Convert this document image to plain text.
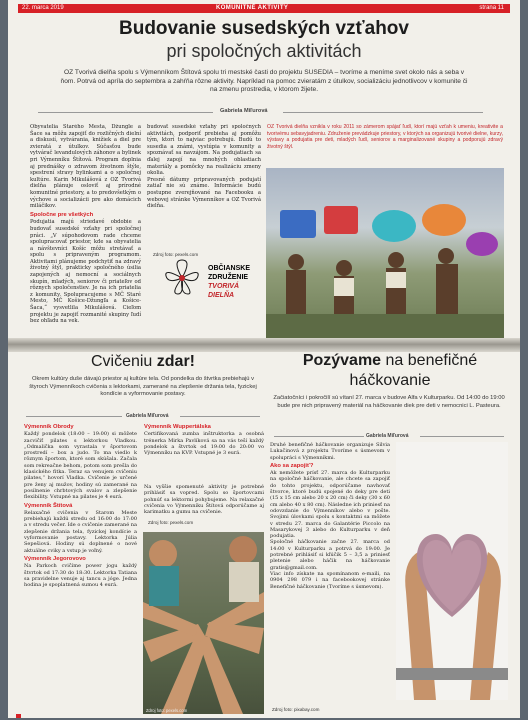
22. marca 2019	KOMUNITNÉ AKTIVITY	strana 11
Budovanie susedských vzťahov
pri spoločných aktivitách
OZ Tvorivá dielňa spolu s Výmenníkom Štítová spolu tri mestské časti do projektu SUSEDIA – tvoríme a meníme svet okolo nás a seba v ňom. Potrvá od apríla do septembra a zahŕňa rôzne aktivity. Napríklad na pomoc zvieratám z útulkov, socializáciu jednotlivcov v komunite či na zmenu prostredia, v ktorom žijete.
Gabriela Miľurová
Obyvatelia Starého Mesta, Džungle a Šace sa môžu zapojiť do rozličných dielní a diskusií, vytvárania, knižiek a diel pre zvieratá z útulkov. Súčasťou bude vytvárač levandulových záhonov a bylinek pri Výmenníku Štítová. Program doplnia aj prednášky o zdravom životnom štýle, spestrení stravy bylinkami a o spoločnej kultúre. Karin Mikulášová z OZ Tvorivá dielňa plánuje osloviť aj prírodné komunitné priestory, a to predovšetkým o výchove a socializácii pre ako domácich miláčikov.
Spoločne pre všetkých
Podujatia majú striedavé obdobie a budovať susedské vzťahy pri spoločnej práci. „V súpohodovom rade chceme spolupracovať priestor, kde sa obyvatelia a návštevníci Košíc môžu stretávať a spolu s pripraveným programom. Aktivitami plánujeme podchytiť na zdravý životný štýl, prakticky spoločného úsilia zapojených aj nemocní a sociálnych skupín, mladých, seniorov či priateľov od rôznych spoločenstiev. Je na ich priatelia z komunity. Spolupracujeme s MČ Staré Mesto, MČ Košice-Džungľa a Košice-Šaca,“ vysvetlila Mikulášová. Cieľom projektu je zapojiť rozmanité skupiny ľudí bez ohľadu na vek.
budovať susedské vzťahy pri spoločných aktivitách, podporiť prebieha aj pomôžu tým, ktorí to najviac potrebujú. Budú to susedia a známi, vystúpia v komunity a spoznávať sa navzájom. Na podujatiach sa ďalej zapojí na mnohých oblastiach materiály a pomôcky na realizáciu zmeny okolia.
Presné dátumy pripravovaných podujatí zatiaľ nie sú známe. Informácie budú postupne zverejňované na Facebooku a webovej stránke Výmenníkov a OZ Tvorivá dielňa.
Zdroj foto: pexels.com
OBČIANSKE
ZDRUŽENIE
TVORIVÁ
DIELŇA
OZ Tvorivá dielňa vznikla v roku 2011 so zámerom spájať ľudí, ktorí majú vzťah k umeniu, kreativite a tvorivému sebavyjadreniu. Združenie prevádzkuje priestory, v ktorých sa organizujú tvorivé dielne, kurzy, výstavy a podujatia pre deti, mladých ľudí, seniorov a marginalizované skupiny a podporujú zdravý životný štýl.
Cvičeniu zdar!
Okrem kultúry duše dávajú priestor aj kultúre tela. Od pondelka do štvrtka prebiehajú v štyroch Výmenníkoch cvičenia s lektorkami, zamerané na zlepšenie držania tela, fyzickej kondície a vyformovanie postavy.
Gabriela Miľurová
Výmenník Obrody
Každý pondelok (18:00 – 19:00) si môžete zacvičiť pilates s lektorkou Vladkou. „Odmalička som vyrastala v športovom prostredí – box a judo. To ma viedlo k rôznym športom, ktoré som skúšala. Začala som rekreačne behom, potom som prešla do klasického fitka. Teraz sa venujem cvičeniu pilates,“ hovorí Vladka. Cvičenie je určené pre ženy aj mužov, hodiny sú zamerané na posilnenie chrbtových svalov a zlepšenie flexibility. Vstupné na pilates je 4 eurá.
Výmenník Štítová
Relaxačné cvičenia v Starom Meste prebiehajú každú stredu od 16:00 do 17:00 a v stredu večer. Ide o cvičenie zamerané na zlepšenie držania tela, fyzickej kondície a vyformovanie postavy. Lektorka Júlia Sepešiová. Hodiny sú doplnené o nové aktuálne cviky a vstup je voľný.
Výmenník Jegorovovo
Na Parkoch cvičíme power jogu každý štvrtok od 17:30 do 18:30. Lektorka Tatiana sa pravidelne venuje aj tancu a jóge. Jedna hodina je spoplatnená sumou 4 eurá.
Výmenník Wuppertálska
Certifikovaná zumba inštruktorka a osobná trénerka Mirka Pavlíková sa na vás teší každý pondelok a štvrtok od 19:00 do 20:00 vo Výmenníku na KVP. Vstupné je 3 eurá.
Na vyššie spomenuté aktivity je potrebné prihlásiť sa vopred. Spolu so športovcami pohnúť sa lektormi pohybujeme. Na relaxačné cvičenia vo Výmenníku Štítová odporúčame aj karimatku a gumu na cvičenie.
Zdroj foto: pexels.com
Zdroj foto: pexels.com
Pozývame na benefičné
háčkovanie
Začiatočníci i pokročilí sú vítaní 27. marca v budove Alfa v Kulturparku. Od 14:00 do 19:00 bude pre nich pripravený materiál na háčkovanie diek pre deti v nemocnici L. Pasteura.
Gabriela Miľurová
Druhé benefičné háčkovanie organizuje Silvia Lukačinová z projektu Tvoríme s úsmevom v spolupráci s Výmenníkmi.
Ako sa zapojiť?
Ak nemôžete prísť 27. marca do Kulturparku na spoločné háčkovanie, ale chcete sa zapojiť do tohto projektu, odporúčame navhovať štvorce, ktoré budú spojené do deky pre deti (15 x 15 cm alebo 20 x 20 cm) či deky (30 x 60 cm alebo 40 x 80 cm). Následne ich priniesť na odovzdanie do Výmenníkov alebo v pošte. Svojimi úlovkami spolu s kontaktmi sa môžete v stredu 27. marca do Galantérie Piccolo na Masarykovej 3 alebo do Kulturparku v deň podujatia.
Spoločné háčkovanie začne 27. marca od 14:00 v Kulturparku a potrvá do 19:00. Je potrebné prihlásiť si kľúčik 5 – 3,5 a priniesť pletenie alebo háčik na háčkovanie gratis@gmail.com.
Viac info získate na spomínanom e-maili, na 0904 298 079 i na facebookovej stránke Benefičné háčkovanie (Tvoríme s úsmevom).
Zdroj foto: pixabay.com
